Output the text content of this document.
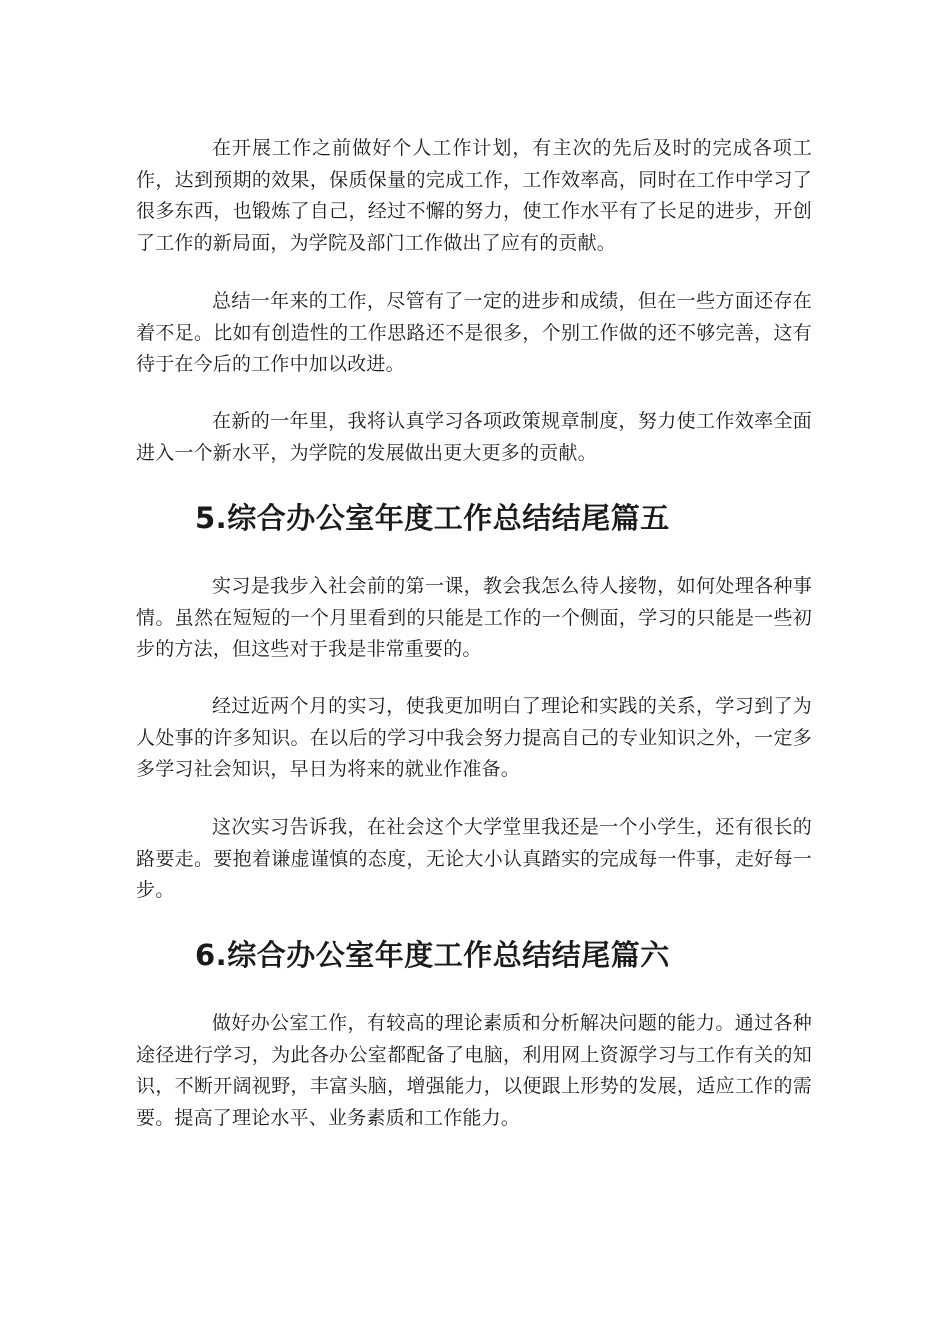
在开展工作之前做好个人工作计划，有主次的先后及时的完成各项工作，达到预期的效果，保质保量的完成工作，工作效率高，同时在工作中学习了很多东西，也锻炼了自己，经过不懈的努力，使工作水平有了长足的进步，开创了工作的新局面，为学院及部门工作做出了应有的贡献。

总结一年来的工作，尽管有了一定的进步和成绩，但在一些方面还存在着不足。比如有创造性的工作思路还不是很多，个别工作做的还不够完善，这有待于在今后的工作中加以改进。

在新的一年里，我将认真学习各项政策规章制度，努力使工作效率全面进入一个新水平，为学院的发展做出更大更多的贡献。

5.综合办公室年度工作总结结尾篇五

实习是我步入社会前的第一课，教会我怎么待人接物，如何处理各种事情。虽然在短短的一个月里看到的只能是工作的一个侧面，学习的只能是一些初步的方法，但这些对于我是非常重要的。

经过近两个月的实习，使我更加明白了理论和实践的关系，学习到了为人处事的许多知识。在以后的学习中我会努力提高自己的专业知识之外，一定多多学习社会知识，早日为将来的就业作准备。

这次实习告诉我，在社会这个大学堂里我还是一个小学生，还有很长的路要走。要抱着谦虚谨慎的态度，无论大小认真踏实的完成每一件事，走好每一步。

6.综合办公室年度工作总结结尾篇六

做好办公室工作，有较高的理论素质和分析解决问题的能力。通过各种途径进行学习，为此各办公室都配备了电脑，利用网上资源学习与工作有关的知识，不断开阔视野，丰富头脑，增强能力，以便跟上形势的发展，适应工作的需要。提高了理论水平、业务素质和工作能力。
